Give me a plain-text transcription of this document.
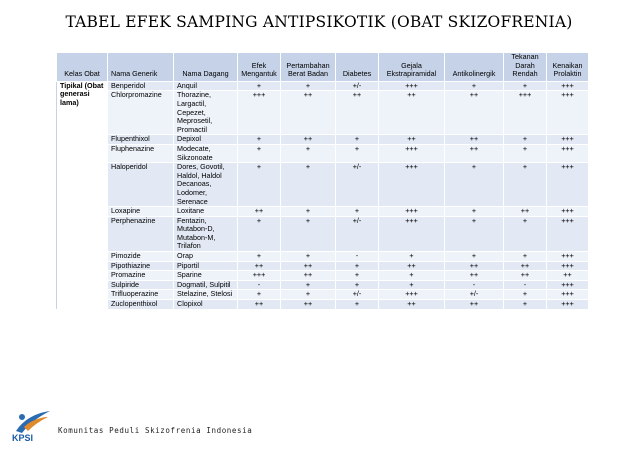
TABEL EFEK SAMPING ANTIPSIKOTIK (OBAT SKIZOFRENIA)
Kelas Obat	Nama Generik	Nama Dagang	Efek Mengantuk	Pertambahan Berat Badan	Diabetes	Gejala Ekstrapiramidal	Antikolinergik	Tekanan Darah Rendah	Kenaikan Prolaktin
Tipikal (Obat generasi lama)	Benperidol	Anquil	+	+	+/-	+++	+	+	+++
	Chlorpromazine	Thorazine, Largactil, Cepezet, Meprosetil, Promactil	+++	++	++	++	++	+++	+++
	Flupenthixol	Depixol	+	++	+	++	++	+	+++
	Fluphenazine	Modecate, Sikzonoate	+	+	+	+++	++	+	+++
	Haloperidol	Dores, Govotil, Haldol, Haldol Decanoas, Lodomer, Serenace	+	+	+/-	+++	+	+	+++
	Loxapine	Loxitane	++	+	+	+++	+	++	+++
	Perphenazine	Fentazin, Mutabon-D, Mutabon-M, Trilafon	+	+	+/-	+++	+	+	+++
	Pimozide	Orap	+	+	-	+	+	+	+++
	Pipothiazine	Piportil	++	++	+	++	++	++	+++
	Promazine	Sparine	+++	++	+	+	++	++	++
	Sulpiride	Dogmatil, Sulpitil	-	+	+	+	-	-	+++
	Trifluoperazine	Stelazine, Stelosi	+	+	+/-	+++	+/-	+	+++
	Zuclopenthixol	Clopixol	++	++	+	++	++	+	+++
KPSI
Komunitas Peduli Skizofrenia Indonesia
